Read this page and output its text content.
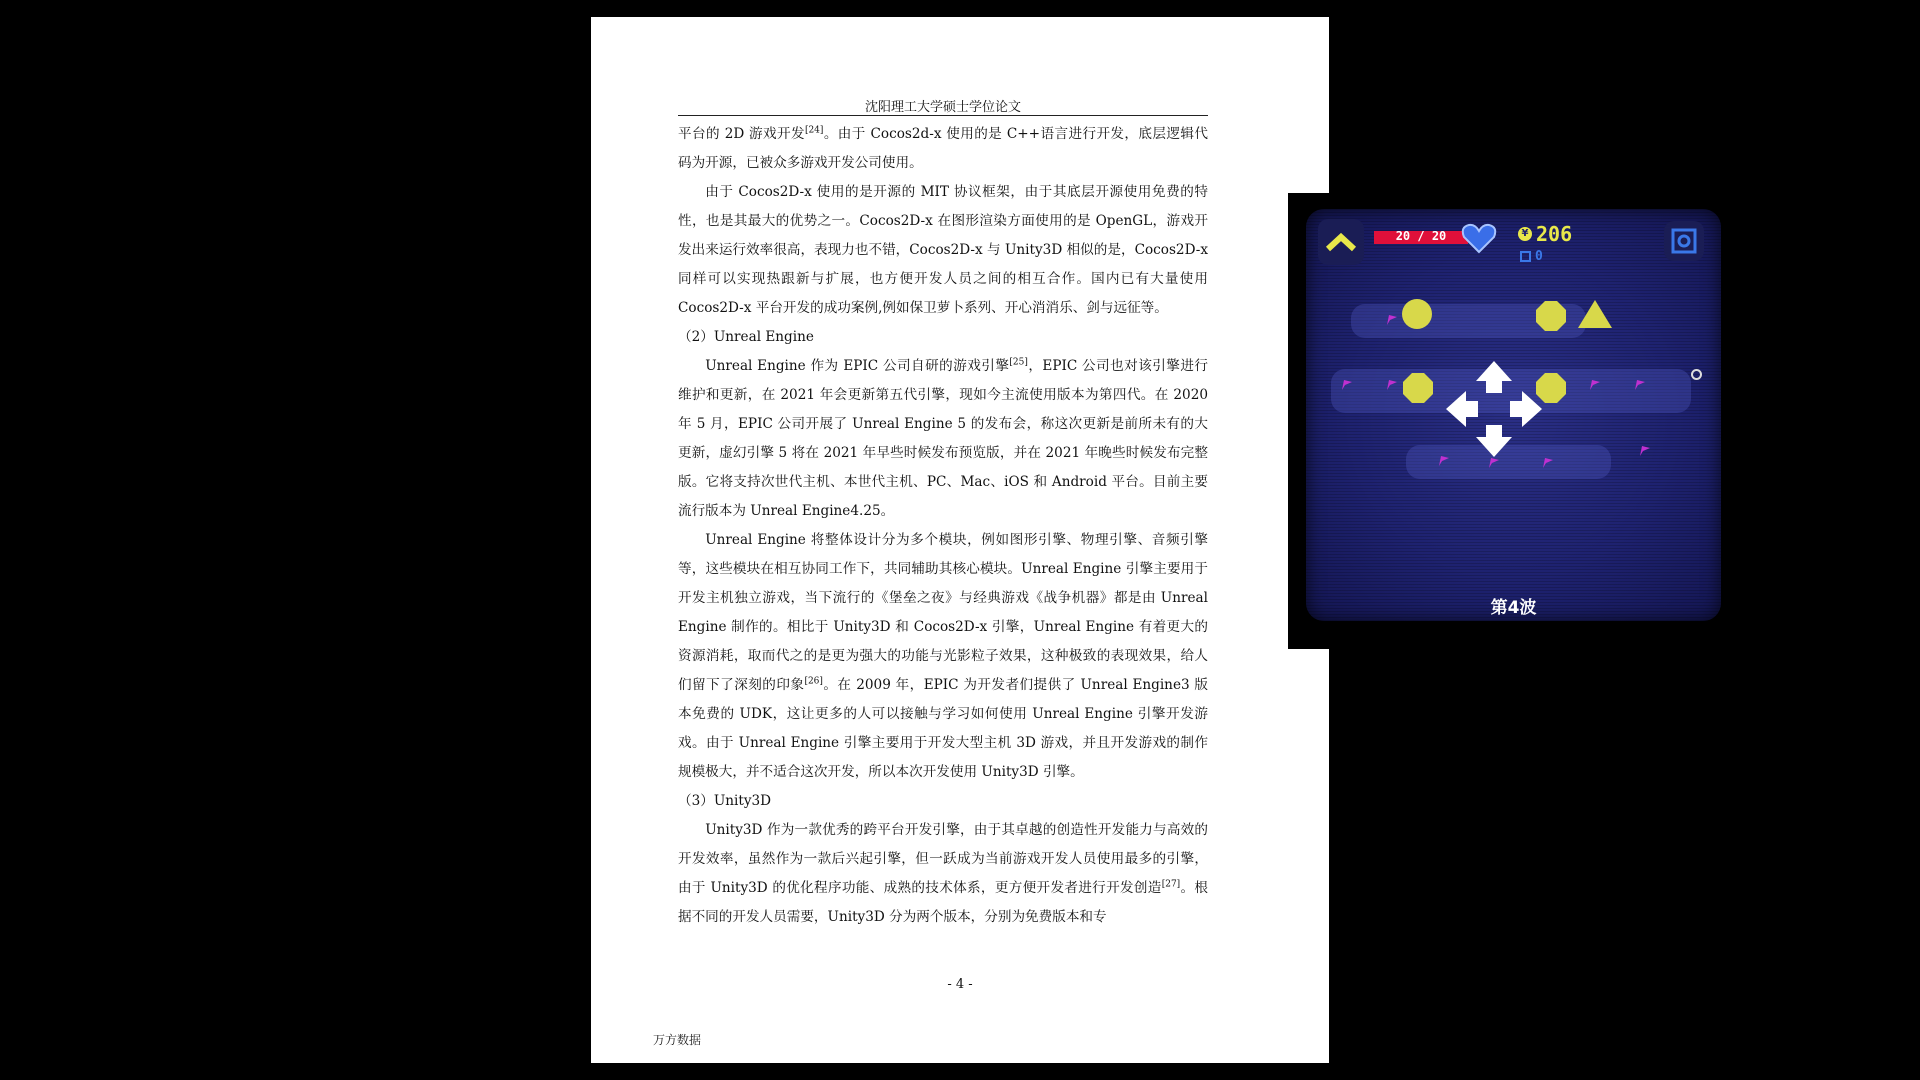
沈阳理工大学硕士学位论文

平台的 2D 游戏开发[24]。由于 Cocos2d-x 使用的是 C++语言进行开发，底层逻辑代码为开源，已被众多游戏开发公司使用。

由于 Cocos2D-x 使用的是开源的 MIT 协议框架，由于其底层开源使用免费的特性，也是其最大的优势之一。Cocos2D-x 在图形渲染方面使用的是 OpenGL，游戏开发出来运行效率很高，表现力也不错，Cocos2D-x 与 Unity3D 相似的是，Cocos2D-x 同样可以实现热跟新与扩展，也方便开发人员之间的相互合作。国内已有大量使用 Cocos2D-x 平台开发的成功案例,例如保卫萝卜系列、开心消消乐、剑与远征等。

（2）Unreal Engine

Unreal Engine 作为 EPIC 公司自研的游戏引擎[25]，EPIC 公司也对该引擎进行维护和更新，在 2021 年会更新第五代引擎，现如今主流使用版本为第四代。在 2020 年 5 月，EPIC 公司开展了 Unreal Engine 5 的发布会，称这次更新是前所未有的大更新，虚幻引擎 5 将在 2021 年早些时候发布预览版，并在 2021 年晚些时候发布完整版。它将支持次世代主机、本世代主机、PC、Mac、iOS 和 Android 平台。目前主要流行版本为 Unreal Engine4.25。

Unreal Engine 将整体设计分为多个模块，例如图形引擎、物理引擎、音频引擎等，这些模块在相互协同工作下，共同辅助其核心模块。Unreal Engine 引擎主要用于开发主机独立游戏，当下流行的《堡垒之夜》与经典游戏《战争机器》都是由 Unreal Engine 制作的。相比于 Unity3D 和 Cocos2D-x 引擎，Unreal Engine 有着更大的资源消耗，取而代之的是更为强大的功能与光影粒子效果，这种极致的表现效果，给人们留下了深刻的印象[26]。在 2009 年，EPIC 为开发者们提供了 Unreal Engine3 版本免费的 UDK，这让更多的人可以接触与学习如何使用 Unreal Engine 引擎开发游戏。由于 Unreal Engine 引擎主要用于开发大型主机 3D 游戏，并且开发游戏的制作规模极大，并不适合这次开发，所以本次开发使用 Unity3D 引擎。

（3）Unity3D

Unity3D 作为一款优秀的跨平台开发引擎，由于其卓越的创造性开发能力与高效的开发效率，虽然作为一款后兴起引擎，但一跃成为当前游戏开发人员使用最多的引擎，由于 Unity3D 的优化程序功能、成熟的技术体系，更方便开发者进行开发创造[27]。根据不同的开发人员需要，Unity3D 分为两个版本，分别为免费版本和专

- 4 -
万方数据
20 / 20	¥ 206
0
第4波
